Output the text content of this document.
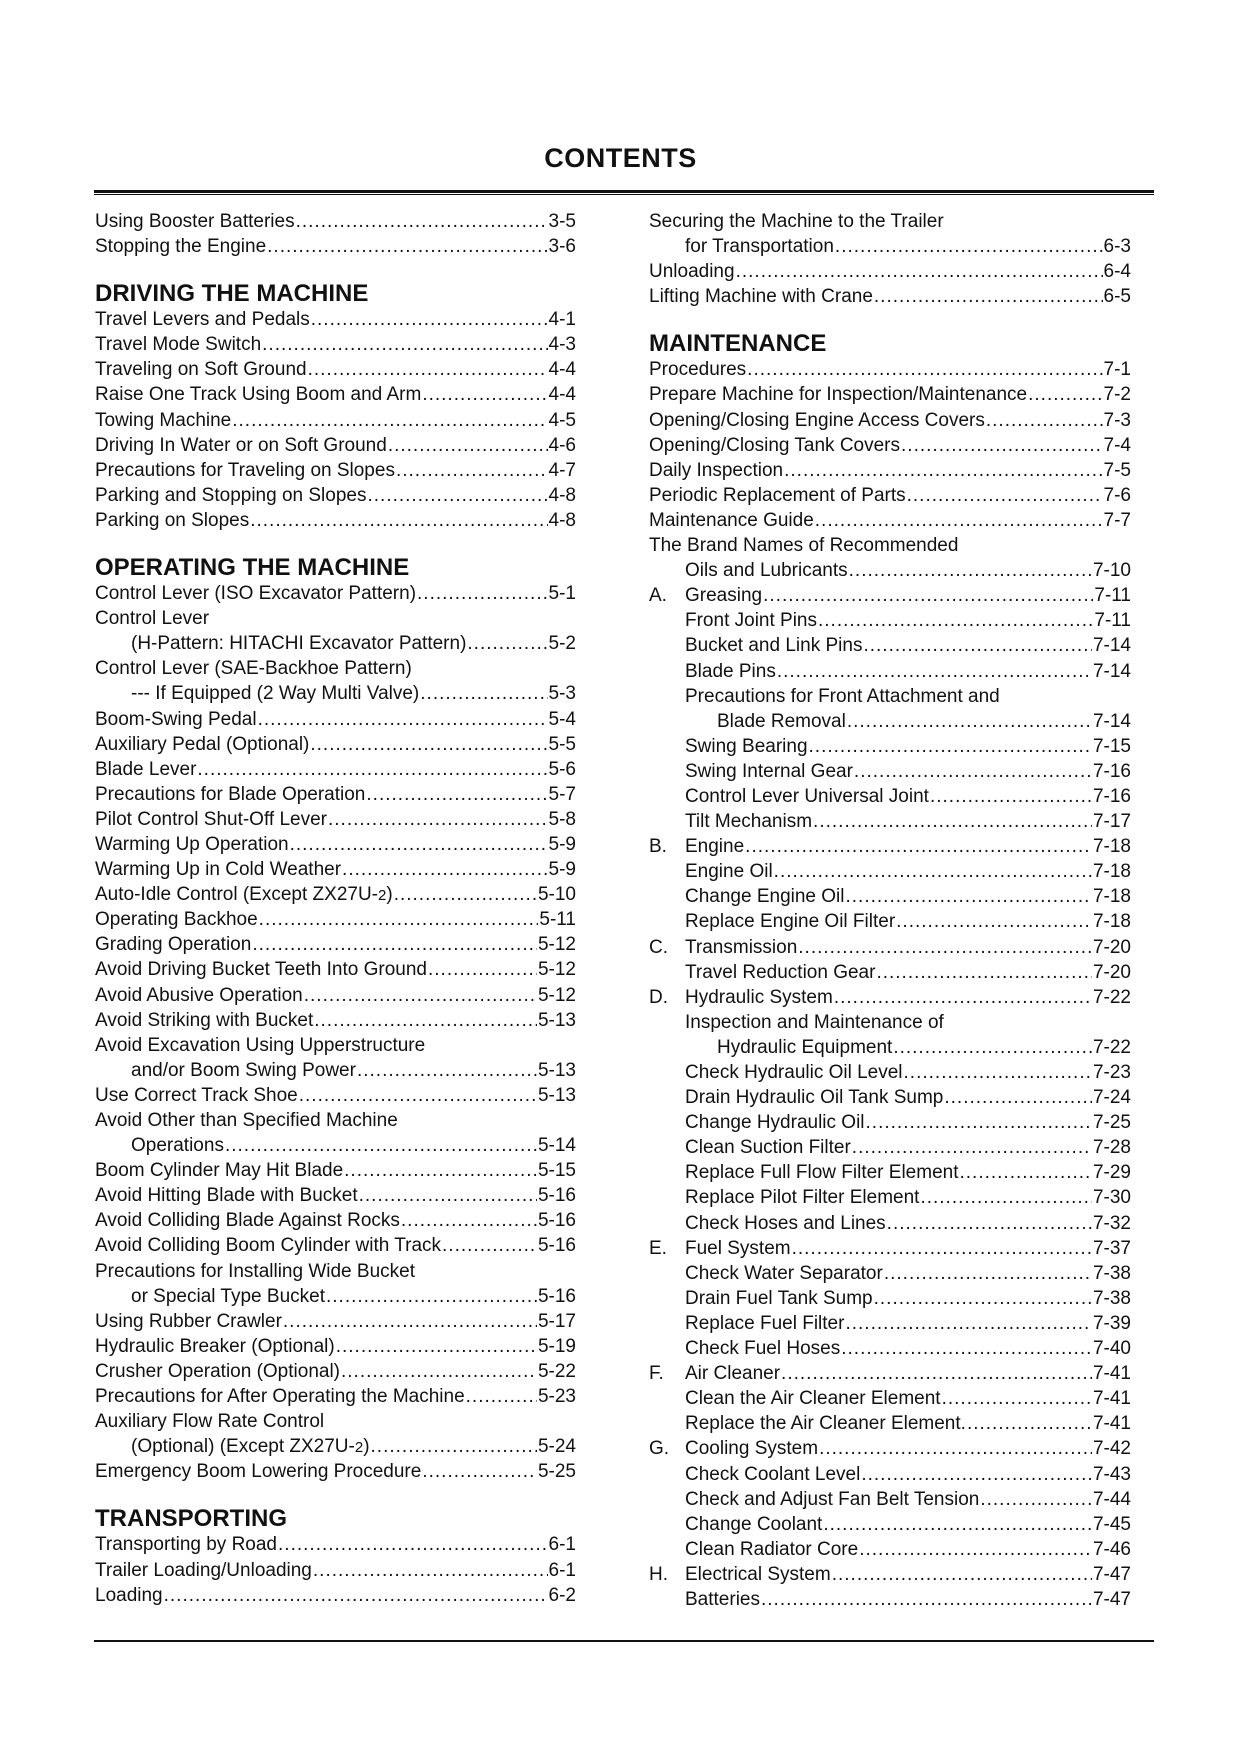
CONTENTS
Using Booster Batteries .....	3-5
Stopping the Engine .....	3-6
DRIVING THE MACHINE
Travel Levers and Pedals .....	4-1
Travel Mode Switch .....	4-3
Traveling on Soft Ground .....	4-4
Raise One Track Using Boom and Arm .....	4-4
Towing Machine .....	4-5
Driving In Water or on Soft Ground .....	4-6
Precautions for Traveling on Slopes .....	4-7
Parking and Stopping on Slopes .....	4-8
Parking on Slopes .....	4-8
OPERATING THE MACHINE
Control Lever (ISO Excavator Pattern) .....	5-1
Control Lever
(H-Pattern: HITACHI Excavator Pattern) .....	5-2
Control Lever (SAE-Backhoe Pattern)
--- If Equipped (2 Way Multi Valve) .....	5-3
Boom-Swing Pedal .....	5-4
Auxiliary Pedal (Optional) .....	5-5
Blade Lever .....	5-6
Precautions for Blade Operation .....	5-7
Pilot Control Shut-Off Lever .....	5-8
Warming Up Operation .....	5-9
Warming Up in Cold Weather .....	5-9
Auto-Idle Control (Except ZX27U-2) .....	5-10
Operating Backhoe .....	5-11
Grading Operation .....	5-12
Avoid Driving Bucket Teeth Into Ground .....	5-12
Avoid Abusive Operation .....	5-12
Avoid Striking with Bucket .....	5-13
Avoid Excavation Using Upperstructure
and/or Boom Swing Power .....	5-13
Use Correct Track Shoe .....	5-13
Avoid Other than Specified Machine
Operations .....	5-14
Boom Cylinder May Hit Blade .....	5-15
Avoid Hitting Blade with Bucket .....	5-16
Avoid Colliding Blade Against Rocks .....	5-16
Avoid Colliding Boom Cylinder with Track .....	5-16
Precautions for Installing Wide Bucket
or Special Type Bucket .....	5-16
Using Rubber Crawler .....	5-17
Hydraulic Breaker (Optional) .....	5-19
Crusher Operation (Optional) .....	5-22
Precautions for After Operating the Machine .....	5-23
Auxiliary Flow Rate Control
(Optional) (Except ZX27U-2) .....	5-24
Emergency Boom Lowering Procedure .....	5-25
TRANSPORTING
Transporting by Road .....	6-1
Trailer Loading/Unloading .....	6-1
Loading .....	6-2
Securing the Machine to the Trailer
for Transportation .....	6-3
Unloading .....	6-4
Lifting Machine with Crane .....	6-5
MAINTENANCE
Procedures .....	7-1
Prepare Machine for Inspection/Maintenance .....	7-2
Opening/Closing Engine Access Covers .....	7-3
Opening/Closing Tank Covers .....	7-4
Daily Inspection .....	7-5
Periodic Replacement of Parts .....	7-6
Maintenance Guide .....	7-7
The Brand Names of Recommended
Oils and Lubricants .....	7-10
A. Greasing .....	7-11
Front Joint Pins .....	7-11
Bucket and Link Pins .....	7-14
Blade Pins .....	7-14
Precautions for Front Attachment and
Blade Removal .....	7-14
Swing Bearing .....	7-15
Swing Internal Gear .....	7-16
Control Lever Universal Joint .....	7-16
Tilt Mechanism .....	7-17
B. Engine .....	7-18
Engine Oil .....	7-18
Change Engine Oil .....	7-18
Replace Engine Oil Filter .....	7-18
C. Transmission .....	7-20
Travel Reduction Gear .....	7-20
D. Hydraulic System .....	7-22
Inspection and Maintenance of
Hydraulic Equipment .....	7-22
Check Hydraulic Oil Level .....	7-23
Drain Hydraulic Oil Tank Sump .....	7-24
Change Hydraulic Oil .....	7-25
Clean Suction Filter .....	7-28
Replace Full Flow Filter Element .....	7-29
Replace Pilot Filter Element .....	7-30
Check Hoses and Lines .....	7-32
E. Fuel System .....	7-37
Check Water Separator .....	7-38
Drain Fuel Tank Sump .....	7-38
Replace Fuel Filter .....	7-39
Check Fuel Hoses .....	7-40
F. Air Cleaner .....	7-41
Clean the Air Cleaner Element .....	7-41
Replace the Air Cleaner Element. .....	7-41
G. Cooling System .....	7-42
Check Coolant Level .....	7-43
Check and Adjust Fan Belt Tension .....	7-44
Change Coolant .....	7-45
Clean Radiator Core .....	7-46
H. Electrical System .....	7-47
Batteries .....	7-47
